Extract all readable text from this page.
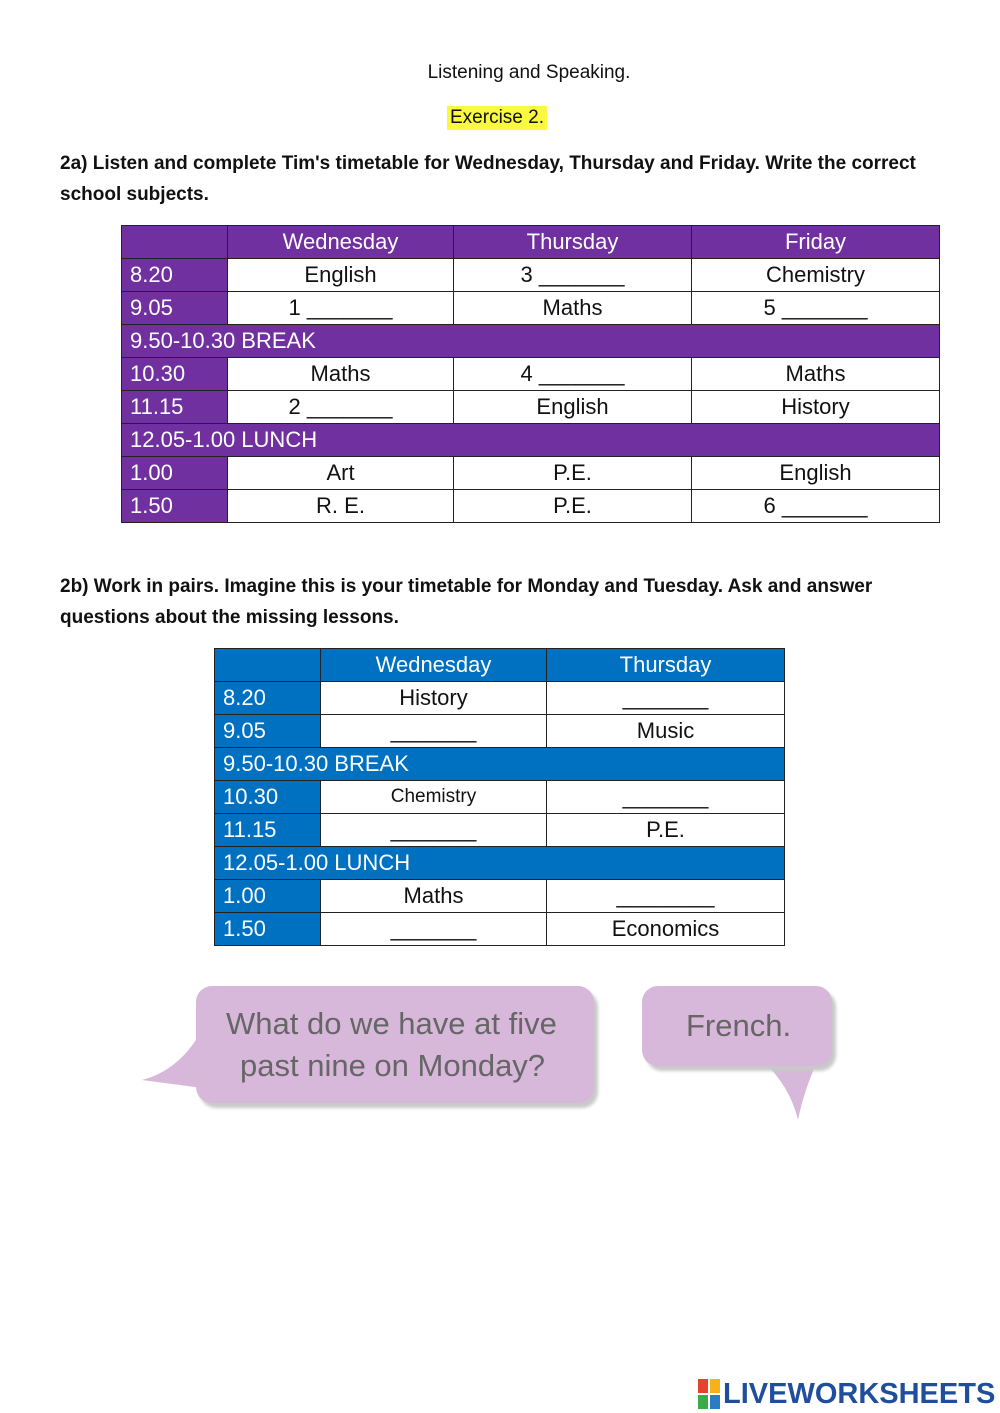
Listening and Speaking.
Exercise 2.
2a) Listen and complete Tim's timetable for Wednesday, Thursday and Friday. Write the correct school subjects.
	Wednesday	Thursday	Friday
8.20	English	3 _______	Chemistry
9.05	1 _______	Maths	5 _______
9.50-10.30 BREAK			
10.30	Maths	4 _______	Maths
11.15	2 _______	English	History
12.05-1.00 LUNCH			
1.00	Art	P.E.	English
1.50	R. E.	P.E.	6 _______
2b) Work in pairs. Imagine this is your timetable for Monday and Tuesday. Ask and answer questions about the missing lessons.
	Wednesday	Thursday
8.20	History	_______
9.05	_______	Music
9.50-10.30 BREAK		
10.30	Chemistry	_______
11.15	_______	P.E.
12.05-1.00 LUNCH		
1.00	Maths	________
1.50	_______	Economics
What do we have at five
past nine on Monday?
French.
LIVEWORKSHEETS
